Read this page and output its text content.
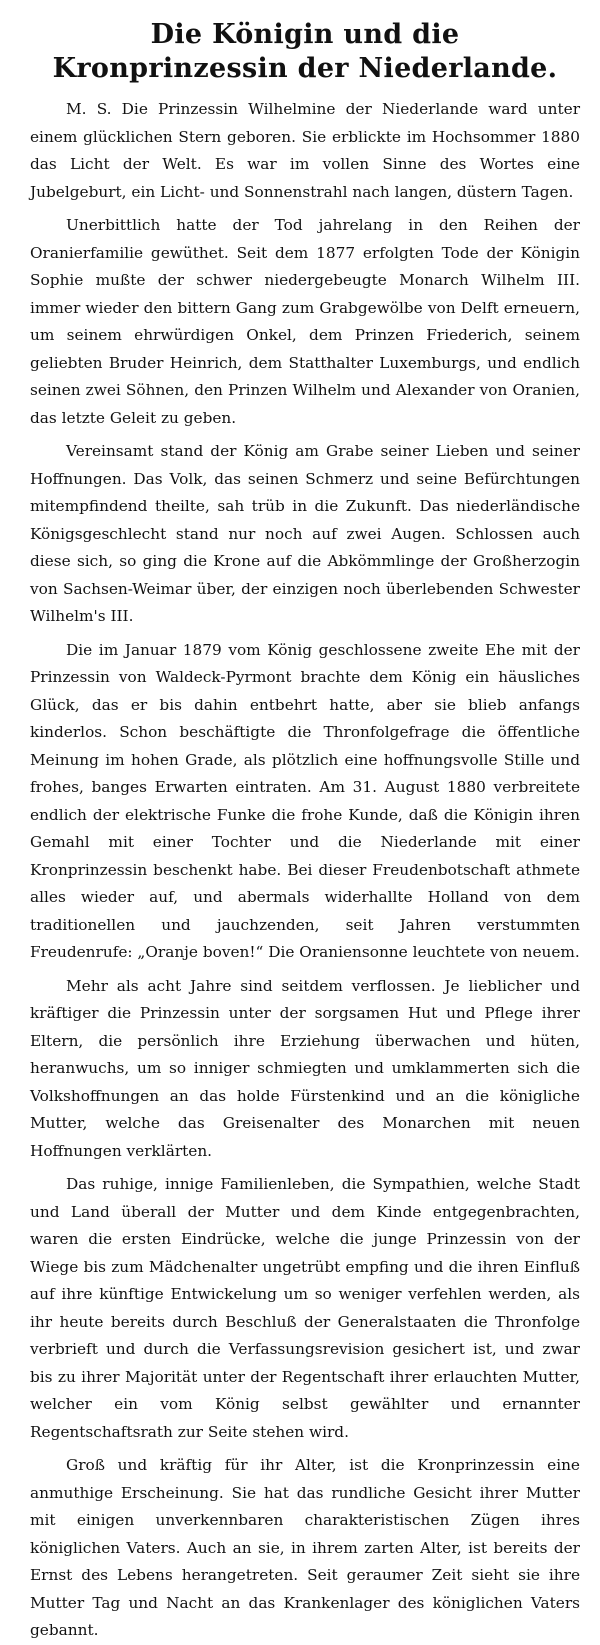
Die Königin und die Kronprinzessin der Niederlande.

M. S. Die Prinzessin Wilhelmine der Niederlande ward unter einem glücklichen Stern geboren. Sie erblickte im Hochsommer 1880 das Licht der Welt. Es war im vollen Sinne des Wortes eine Jubelgeburt, ein Licht- und Sonnenstrahl nach langen, düstern Tagen.

Unerbittlich hatte der Tod jahrelang in den Reihen der Oranierfamilie gewüthet. Seit dem 1877 erfolgten Tode der Königin Sophie mußte der schwer niedergebeugte Monarch Wilhelm III. immer wieder den bittern Gang zum Grabgewölbe von Delft erneuern, um seinem ehrwürdigen Onkel, dem Prinzen Friederich, seinem geliebten Bruder Heinrich, dem Statthalter Luxemburgs, und endlich seinen zwei Söhnen, den Prinzen Wilhelm und Alexander von Oranien, das letzte Geleit zu geben.

Vereinsamt stand der König am Grabe seiner Lieben und seiner Hoffnungen. Das Volk, das seinen Schmerz und seine Befürchtungen mitempfindend theilte, sah trüb in die Zukunft. Das niederländische Königsgeschlecht stand nur noch auf zwei Augen. Schlossen auch diese sich, so ging die Krone auf die Abkömmlinge der Großherzogin von Sachsen-Weimar über, der einzigen noch überlebenden Schwester Wilhelm's III.

Die im Januar 1879 vom König geschlossene zweite Ehe mit der Prinzessin von Waldeck-Pyrmont brachte dem König ein häusliches Glück, das er bis dahin entbehrt hatte, aber sie blieb anfangs kinderlos. Schon beschäftigte die Thronfolgefrage die öffentliche Meinung im hohen Grade, als plötzlich eine hoffnungsvolle Stille und frohes, banges Erwarten eintraten. Am 31. August 1880 verbreitete endlich der elektrische Funke die frohe Kunde, daß die Königin ihren Gemahl mit einer Tochter und die Niederlande mit einer Kronprinzessin beschenkt habe. Bei dieser Freudenbotschaft athmete alles wieder auf, und abermals widerhallte Holland von dem traditionellen und jauchzenden, seit Jahren verstummten Freudenrufe: „Oranje boven!“ Die Oraniensonne leuchtete von neuem.

Mehr als acht Jahre sind seitdem verflossen. Je lieblicher und kräftiger die Prinzessin unter der sorgsamen Hut und Pflege ihrer Eltern, die persönlich ihre Erziehung überwachen und hüten, heranwuchs, um so inniger schmiegten und umklammerten sich die Volkshoffnungen an das holde Fürstenkind und an die königliche Mutter, welche das Greisenalter des Monarchen mit neuen Hoffnungen verklärten.

Das ruhige, innige Familienleben, die Sympathien, welche Stadt und Land überall der Mutter und dem Kinde entgegenbrachten, waren die ersten Eindrücke, welche die junge Prinzessin von der Wiege bis zum Mädchenalter ungetrübt empfing und die ihren Einfluß auf ihre künftige Entwickelung um so weniger verfehlen werden, als ihr heute bereits durch Beschluß der Generalstaaten die Thronfolge verbrieft und durch die Verfassungsrevision gesichert ist, und zwar bis zu ihrer Majorität unter der Regentschaft ihrer erlauchten Mutter, welcher ein vom König selbst gewählter und ernannter Regentschaftsrath zur Seite stehen wird.

Groß und kräftig für ihr Alter, ist die Kronprinzessin eine anmuthige Erscheinung. Sie hat das rundliche Gesicht ihrer Mutter mit einigen unverkennbaren charakteristischen Zügen ihres königlichen Vaters. Auch an sie, in ihrem zarten Alter, ist bereits der Ernst des Lebens herangetreten. Seit geraumer Zeit sieht sie ihre Mutter Tag und Nacht an das Krankenlager des königlichen Vaters gebannt.
